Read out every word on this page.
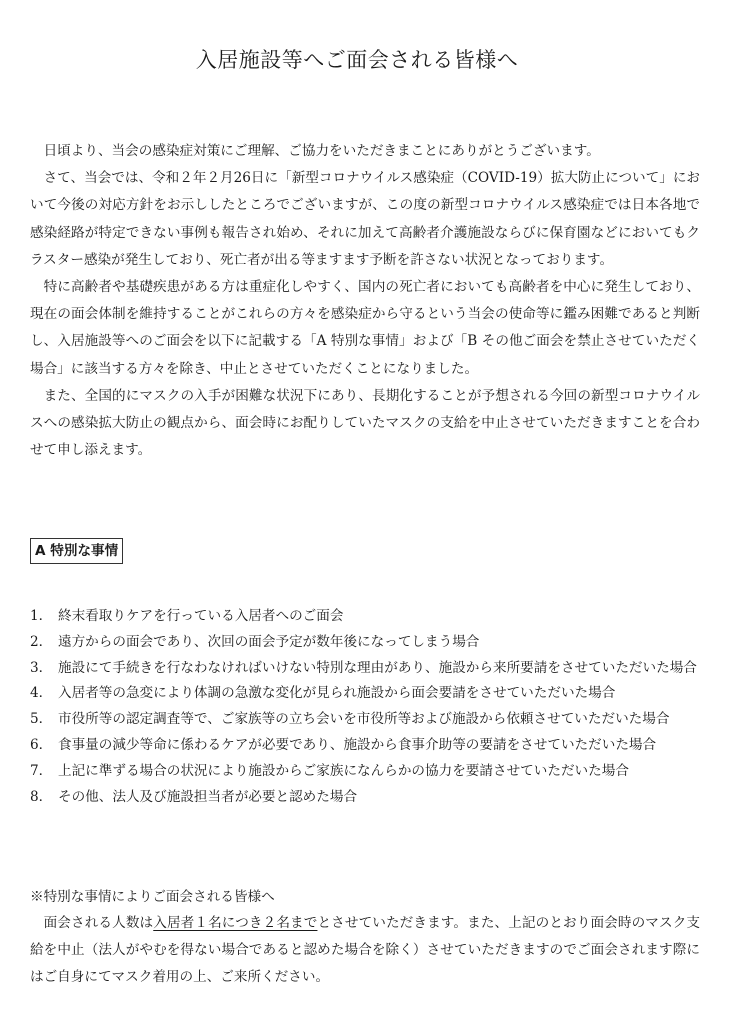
入居施設等へご面会される皆様へ

日頃より、当会の感染症対策にご理解、ご協力をいただきまことにありがとうございます。

さて、当会では、令和２年２月26日に「新型コロナウイルス感染症（COVID-19）拡大防止について」において今後の対応方針をお示ししたところでございますが、この度の新型コロナウイルス感染症では日本各地で感染経路が特定できない事例も報告され始め、それに加えて高齢者介護施設ならびに保育園などにおいてもクラスター感染が発生しており、死亡者が出る等ますます予断を許さない状況となっております。

特に高齢者や基礎疾患がある方は重症化しやすく、国内の死亡者においても高齢者を中心に発生しており、現在の面会体制を維持することがこれらの方々を感染症から守るという当会の使命等に鑑み困難であると判断し、入居施設等へのご面会を以下に記載する「A 特別な事情」および「B その他ご面会を禁止させていただく場合」に該当する方々を除き、中止とさせていただくことになりました。

また、全国的にマスクの入手が困難な状況下にあり、長期化することが予想される今回の新型コロナウイルスへの感染拡大防止の観点から、面会時にお配りしていたマスクの支給を中止させていただきますことを合わせて申し添えます。

A 特別な事情
1． 終末看取りケアを行っている入居者へのご面会
2． 遠方からの面会であり、次回の面会予定が数年後になってしまう場合
3． 施設にて手続きを行なわなければいけない特別な理由があり、施設から来所要請をさせていただいた場合
4． 入居者等の急変により体調の急激な変化が見られ施設から面会要請をさせていただいた場合
5． 市役所等の認定調査等で、ご家族等の立ち会いを市役所等および施設から依頼させていただいた場合
6． 食事量の減少等命に係わるケアが必要であり、施設から食事介助等の要請をさせていただいた場合
7． 上記に準ずる場合の状況により施設からご家族になんらかの協力を要請させていただいた場合
8． その他、法人及び施設担当者が必要と認めた場合

※特別な事情によりご面会される皆様へ

面会される人数は入居者１名につき２名までとさせていただきます。また、上記のとおり面会時のマスク支給を中止（法人がやむを得ない場合であると認めた場合を除く）させていただきますのでご面会されます際にはご自身にてマスク着用の上、ご来所ください。
